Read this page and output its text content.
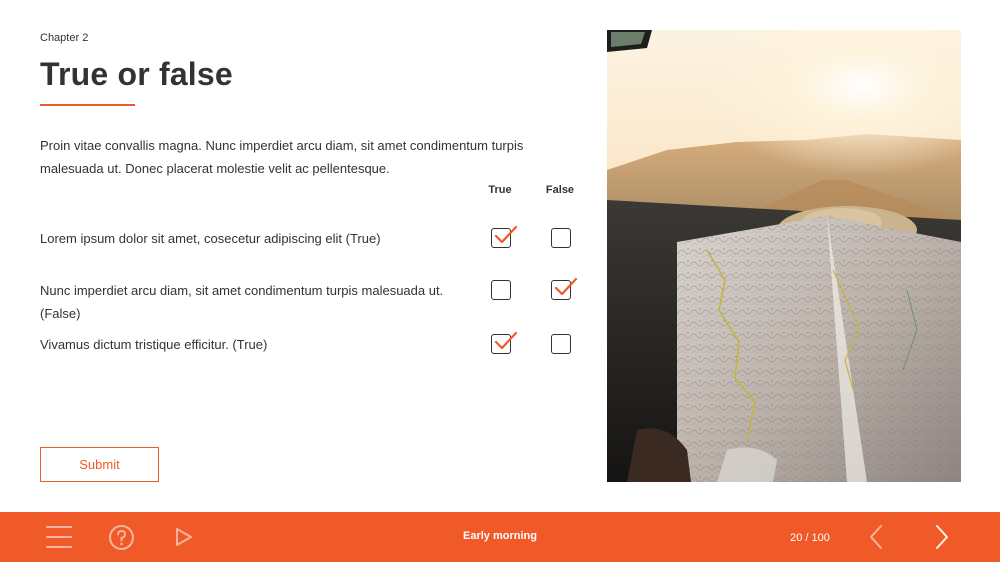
Chapter 2
True or false

Proin vitae convallis magna. Nunc imperdiet arcu diam, sit amet condimentum turpis malesuada ut. Donec placerat molestie velit ac pellentesque.

True	False
Lorem ipsum dolor sit amet, cosecetur adipiscing elit (True)
Nunc imperdiet arcu diam, sit amet condimentum turpis malesuada ut. (False)
Vivamus dictum tristique efficitur. (True)
Submit
Early morning	20 / 100
